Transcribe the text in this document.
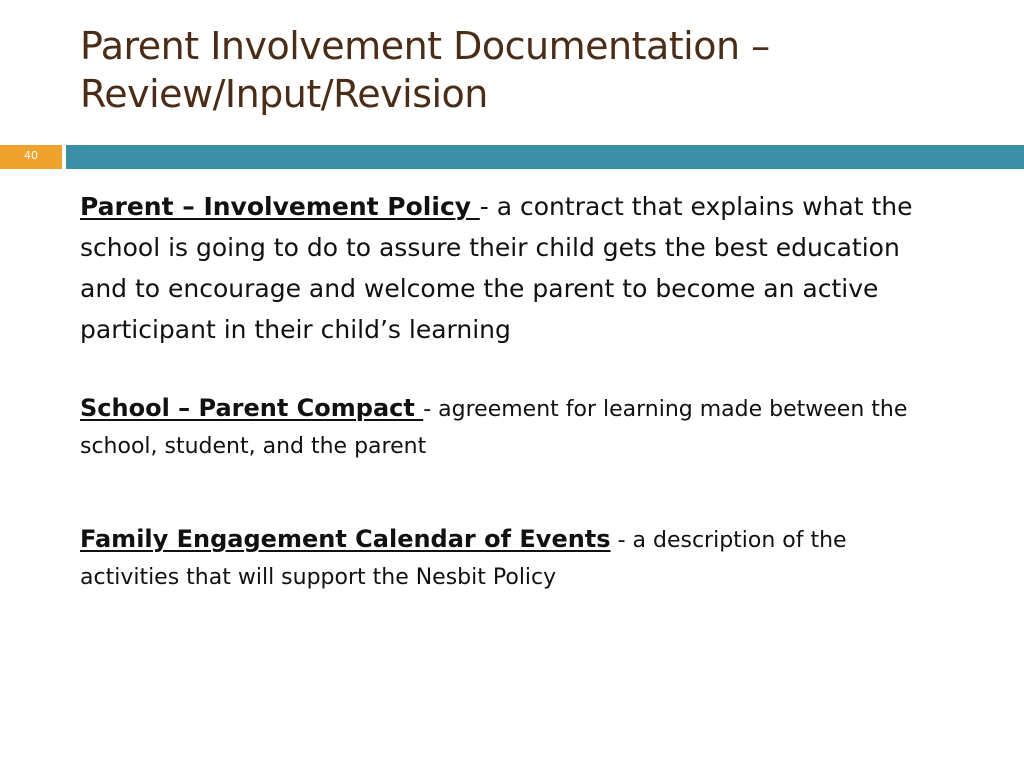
Parent Involvement Documentation – Review/Input/Revision
40

Parent – Involvement Policy - a contract that explains what the school is going to do to assure their child gets the best education and to encourage and welcome the parent to become an active participant in their child’s learning

School – Parent Compact - agreement for learning made between the school, student, and the parent

Family Engagement Calendar of Events - a description of the activities that will support the Nesbit Policy
